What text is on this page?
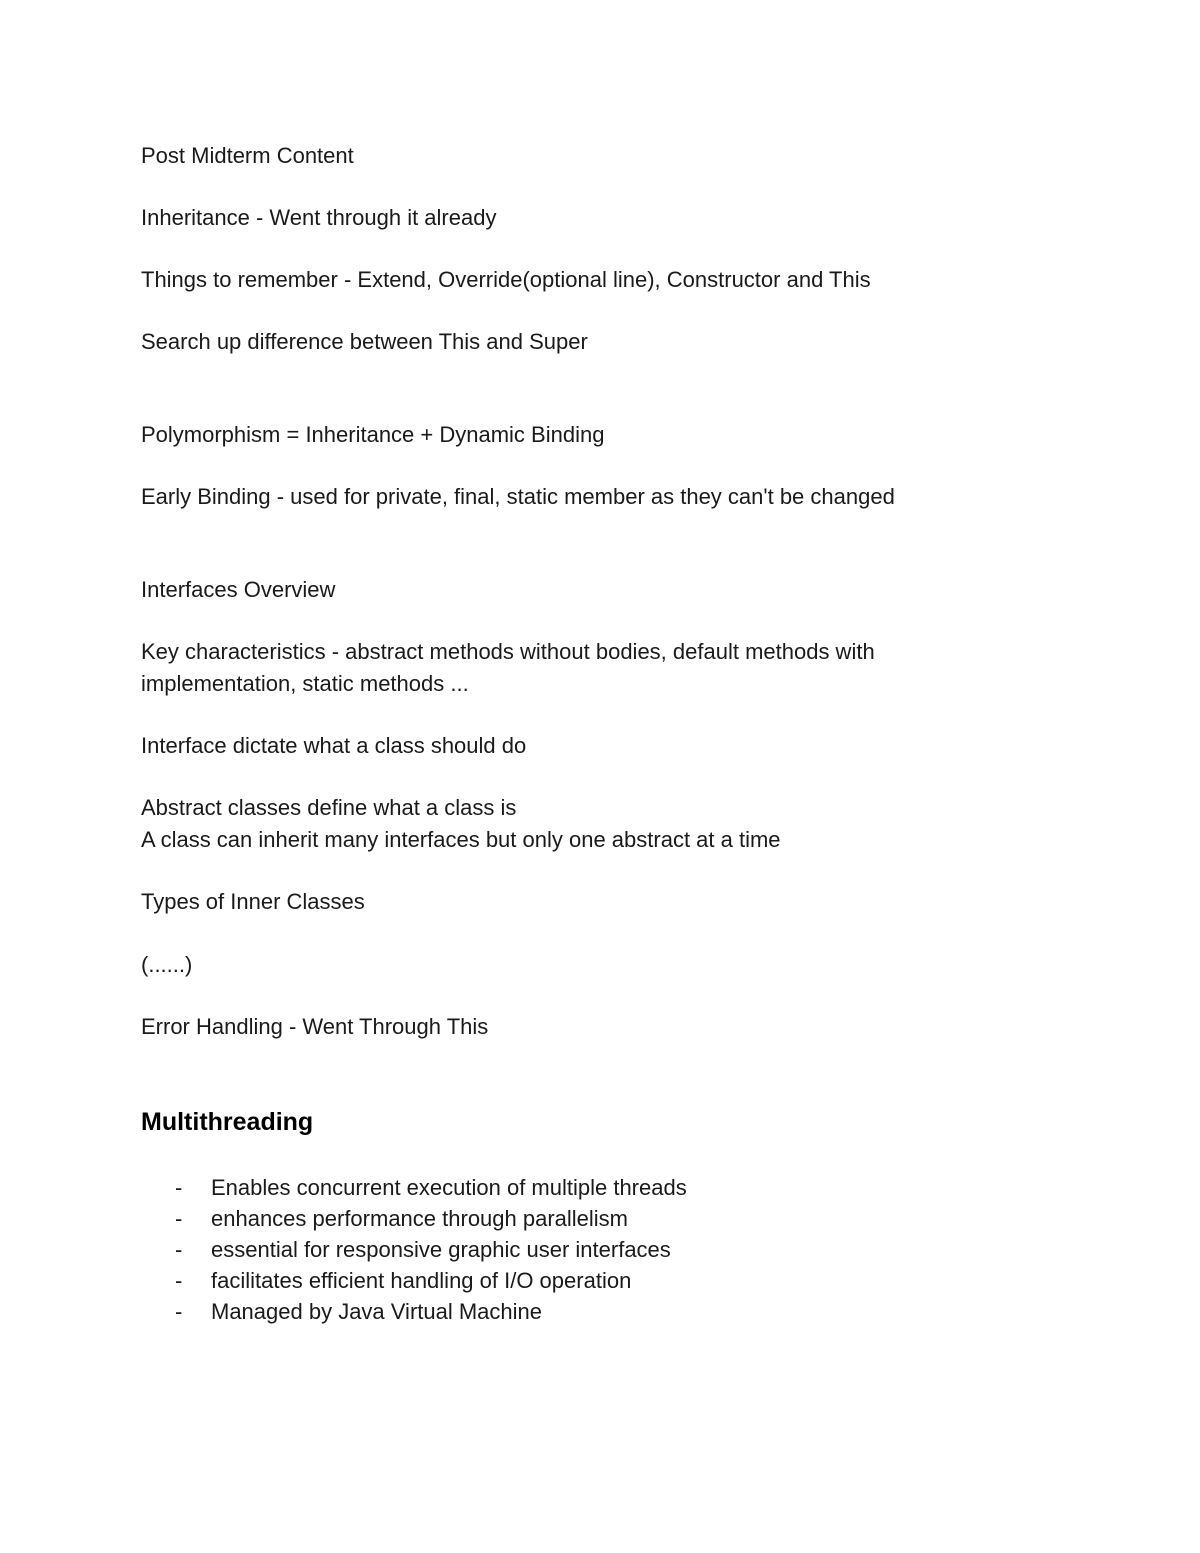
Post Midterm Content
Inheritance - Went through it already
Things to remember - Extend, Override(optional line), Constructor and This
Search up difference between This and Super
Polymorphism = Inheritance + Dynamic Binding
Early Binding - used for private, final, static member as they can't be changed
Interfaces Overview
Key characteristics - abstract methods without bodies, default methods with
implementation, static methods ...
Interface dictate what a class should do
Abstract classes define what a class is
A class can inherit many interfaces but only one abstract at a time
Types of Inner Classes
(......)
Error Handling - Went Through This
Multithreading
- Enables concurrent execution of multiple threads
- enhances performance through parallelism
- essential for responsive graphic user interfaces
- facilitates efficient handling of I/O operation
- Managed by Java Virtual Machine
